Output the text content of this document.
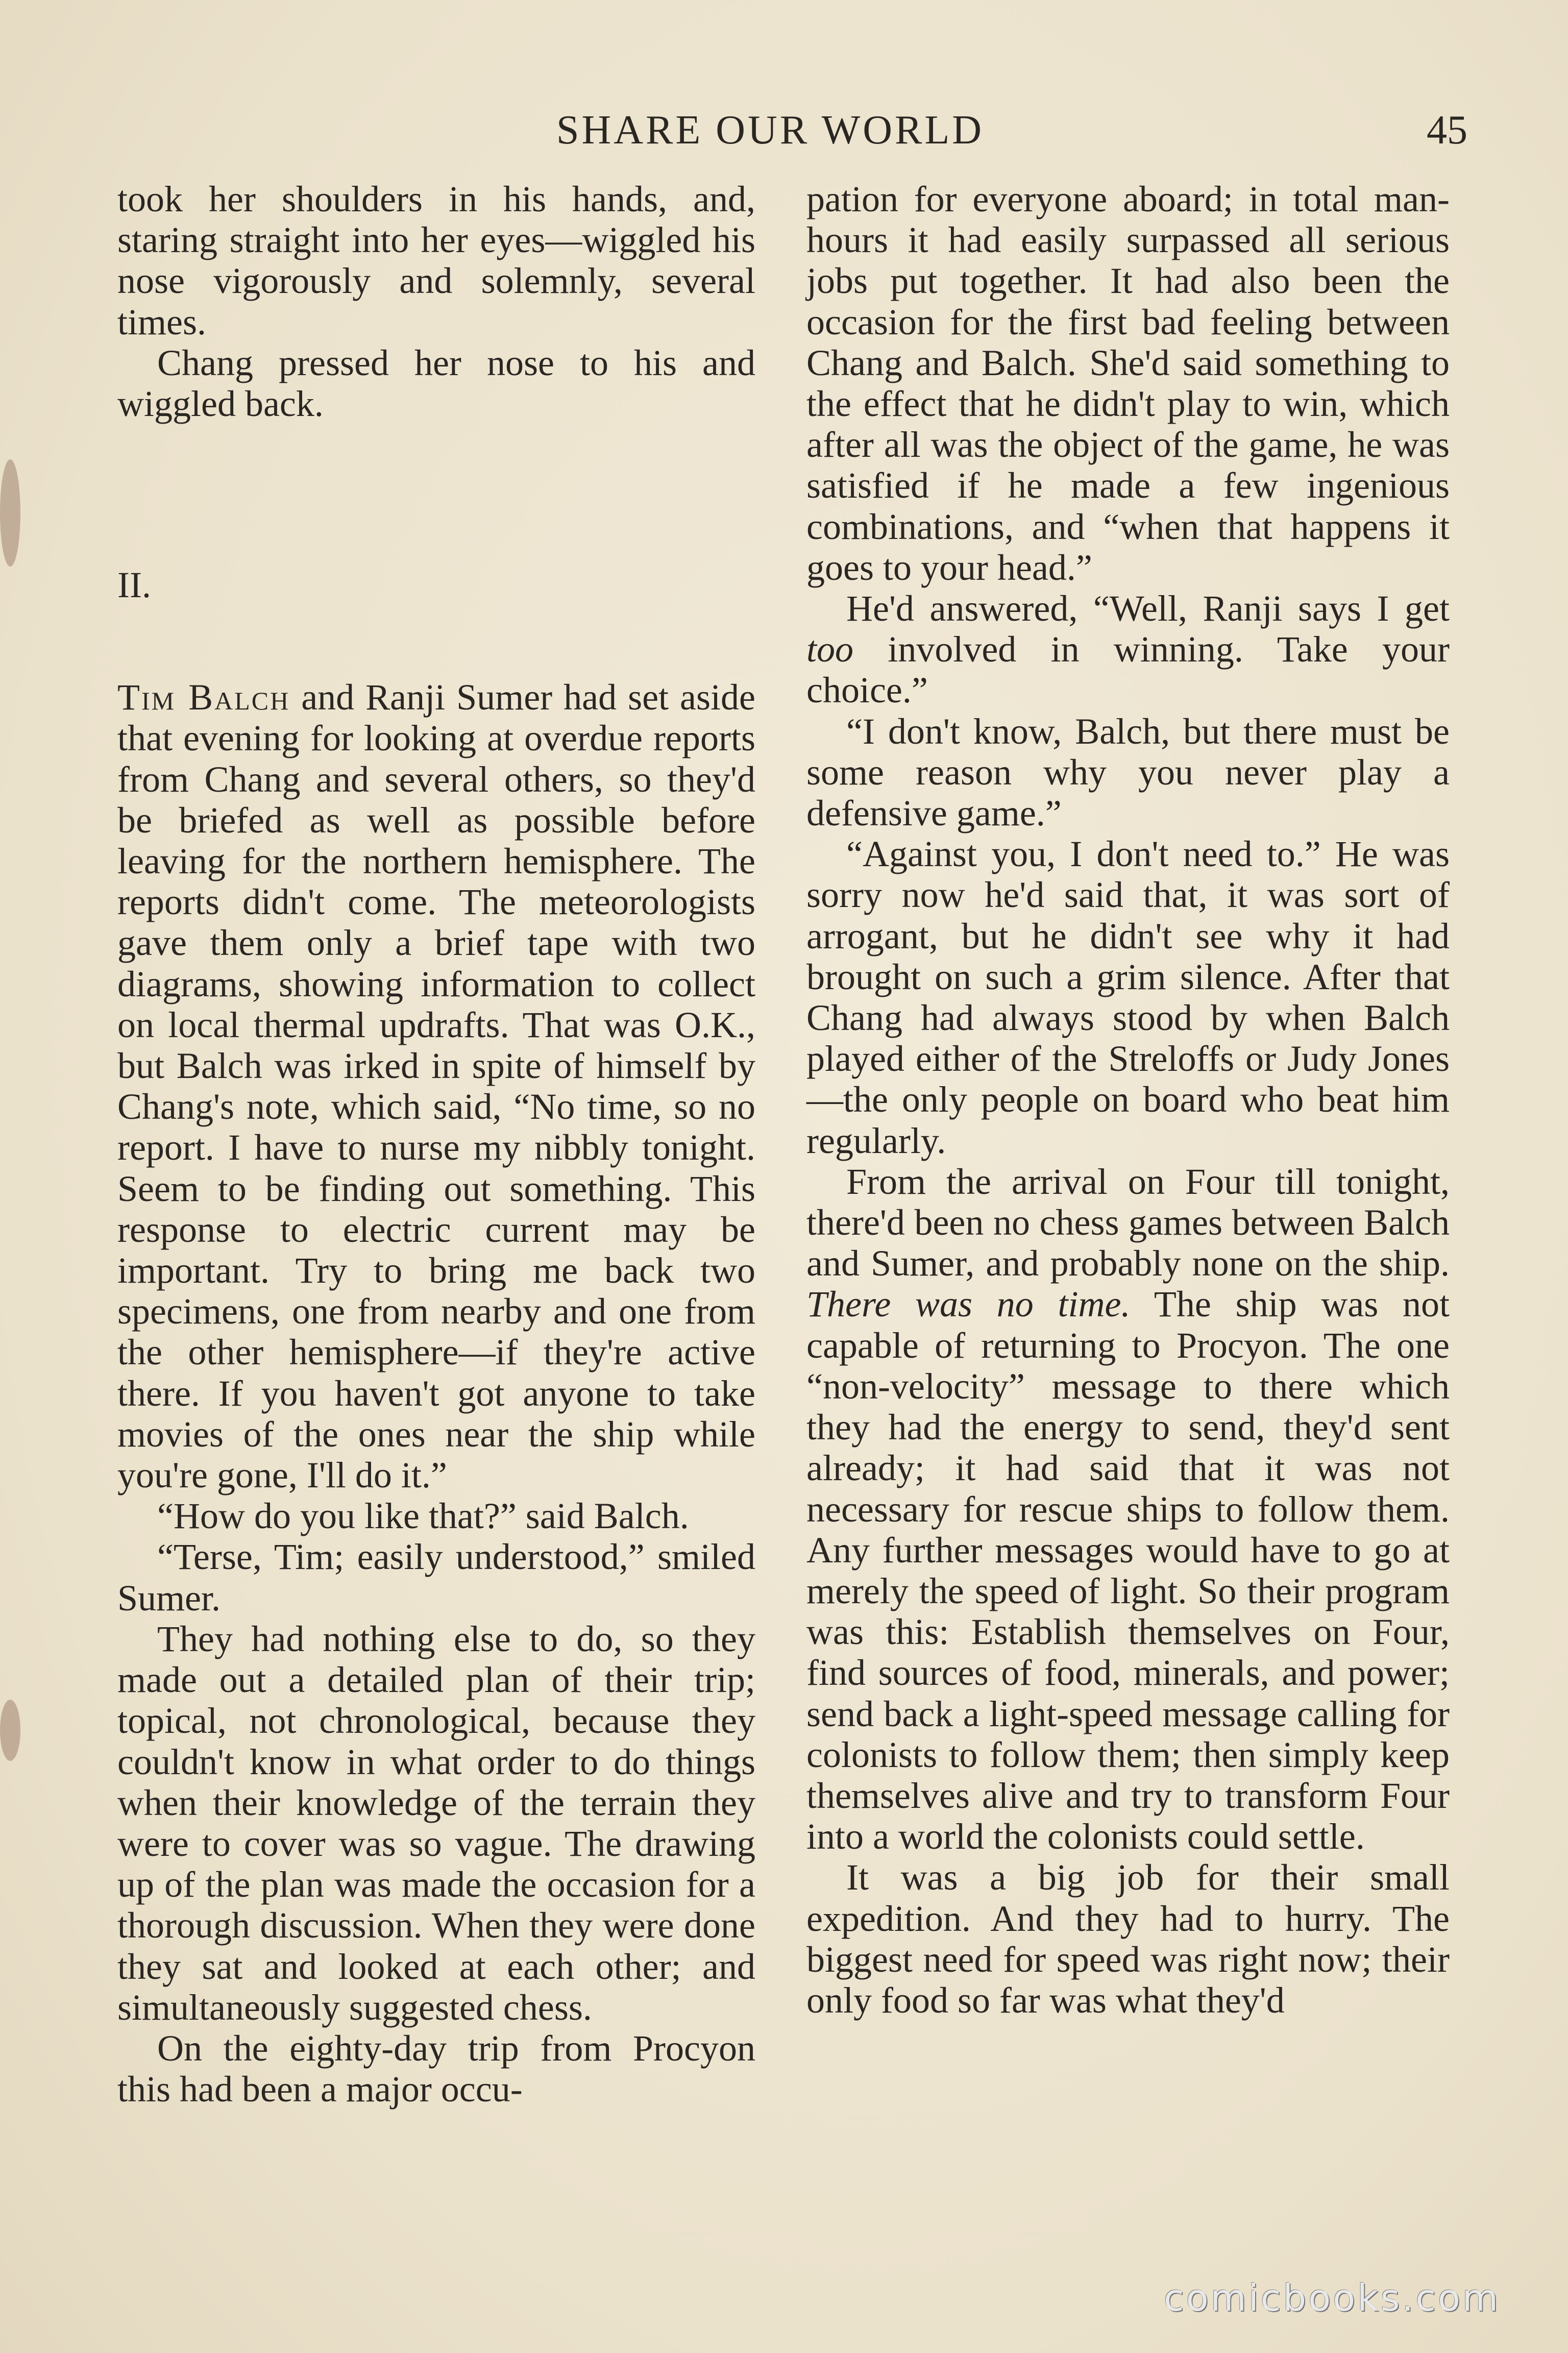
SHARE OUR WORLD	45

took her shoulders in his hands, and, staring straight into her eyes—wiggled his nose vigorously and solemnly, several times.

Chang pressed her nose to his and wiggled back.

II.

Tim Balch and Ranji Sumer had set aside that evening for looking at overdue reports from Chang and several others, so they'd be briefed as well as possible before leaving for the northern hemisphere. The reports didn't come. The meteorologists gave them only a brief tape with two diagrams, showing information to collect on local thermal updrafts. That was O.K., but Balch was irked in spite of himself by Chang's note, which said, “No time, so no report. I have to nurse my nibbly tonight. Seem to be finding out something. This response to electric current may be important. Try to bring me back two specimens, one from nearby and one from the other hemisphere—if they're active there. If you haven't got anyone to take movies of the ones near the ship while you're gone, I'll do it.”

“How do you like that?” said Balch.

“Terse, Tim; easily understood,” smiled Sumer.

They had nothing else to do, so they made out a detailed plan of their trip; topical, not chronological, because they couldn't know in what order to do things when their knowledge of the terrain they were to cover was so vague. The drawing up of the plan was made the occasion for a thorough discussion. When they were done they sat and looked at each other; and simultaneously suggested chess.

On the eighty-day trip from Procyon this had been a major occu-

pation for everyone aboard; in total man-hours it had easily surpassed all serious jobs put together. It had also been the occasion for the first bad feeling between Chang and Balch. She'd said something to the effect that he didn't play to win, which after all was the object of the game, he was satisfied if he made a few ingenious combinations, and “when that happens it goes to your head.”

He'd answered, “Well, Ranji says I get too involved in winning. Take your choice.”

“I don't know, Balch, but there must be some reason why you never play a defensive game.”

“Against you, I don't need to.” He was sorry now he'd said that, it was sort of arrogant, but he didn't see why it had brought on such a grim silence. After that Chang had always stood by when Balch played either of the Streloffs or Judy Jones—the only people on board who beat him regularly.

From the arrival on Four till tonight, there'd been no chess games between Balch and Sumer, and probably none on the ship. There was no time. The ship was not capable of returning to Procyon. The one “non-velocity” message to there which they had the energy to send, they'd sent already; it had said that it was not necessary for rescue ships to follow them. Any further messages would have to go at merely the speed of light. So their program was this: Establish themselves on Four, find sources of food, minerals, and power; send back a light-speed message calling for colonists to follow them; then simply keep themselves alive and try to transform Four into a world the colonists could settle.

It was a big job for their small expedition. And they had to hurry. The biggest need for speed was right now; their only food so far was what they'd

comicbooks.com
